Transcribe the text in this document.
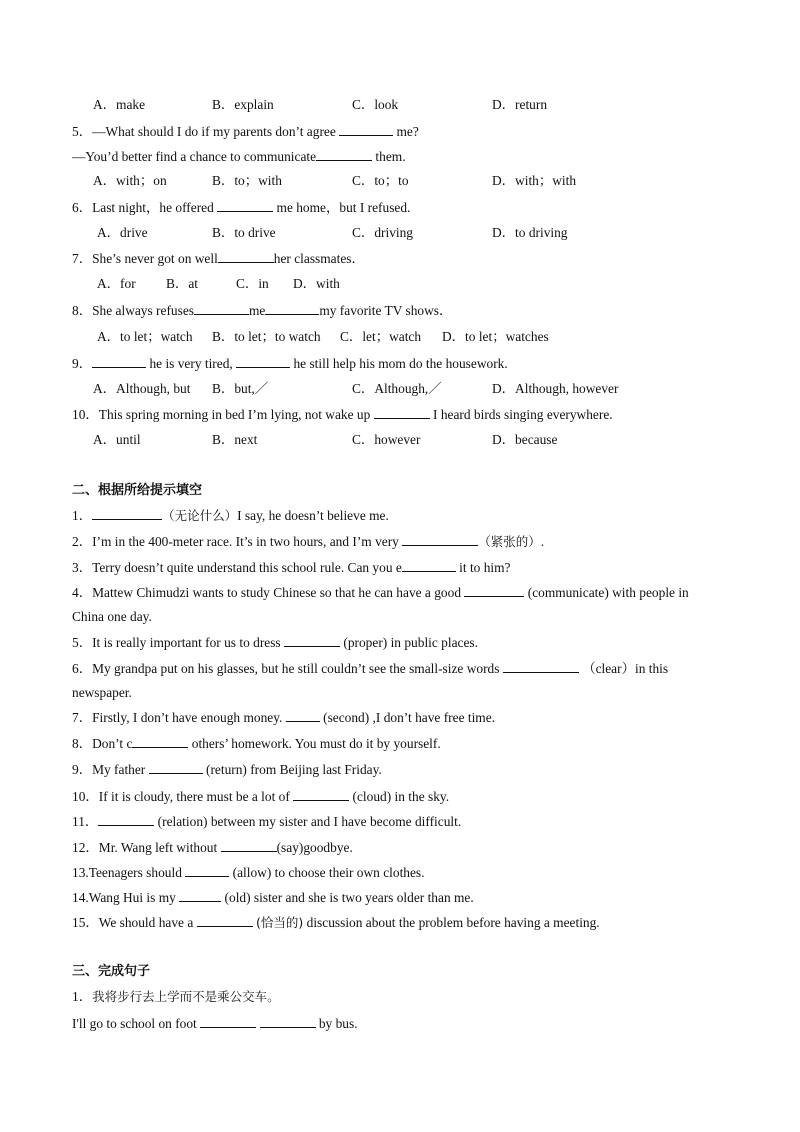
A．make	B．explain	C．look	D．return
5．—What should I do if my parents don’t agree	me?
—You’d better find a chance to communicate	them.
A．with；on	B．to；with	C．to；to	D．with；with
6．Last night，he offered	me home，but I refused.
A．drive	B．to drive	C．driving	D．to driving
7．She’s never got on well	her classmates．
A．for B．at	C．in D．with
8．She always refuses	me	my favorite TV shows．
A．to let；watch B．to let；to watch C．let；watch D．to let；watches
9．	he is very tired,	he still help his mom do the housework.
A．Although, but B．but,／	C．Although,／	D．Although, however
10．This spring morning in bed I’m lying, not wake up	I heard birds singing everywhere.
A．until	B．next	C．however	D．because
二、根据所给提示填空
1．	（无论什么）I say, he doesn’t believe me.
2．I’m in the 400-meter race. It’s in two hours, and I’m very	（紧张的）.
3．Terry doesn’t quite understand this school rule. Can you e	it to him?
4．Mattew Chimudzi wants to study Chinese so that he can have a good	(communicate) with people in
China one day.
5．It is really important for us to dress	(proper) in public places.
6．My grandpa put on his glasses, but he still couldn’t see the small-size words	（clear）in this
newspaper.
7．Firstly, I don’t have enough money.	(second) ,I don’t have free time.
8．Don’t c	others’ homework. You must do it by yourself.
9．My father	(return) from Beijing last Friday.
10．If it is cloudy, there must be a lot of	(cloud) in the sky.
11．	(relation) between my sister and I have become difficult.
12．Mr. Wang left without	(say)goodbye.
13.Teenagers should	(allow) to choose their own clothes.
14.Wang Hui is my	(old) sister and she is two years older than me.
15．We should have a	(恰当的) discussion about the problem before having a meeting.
三、完成句子
1．我将步行去上学而不是乘公交车。
I'll go to school on foot	by bus.
